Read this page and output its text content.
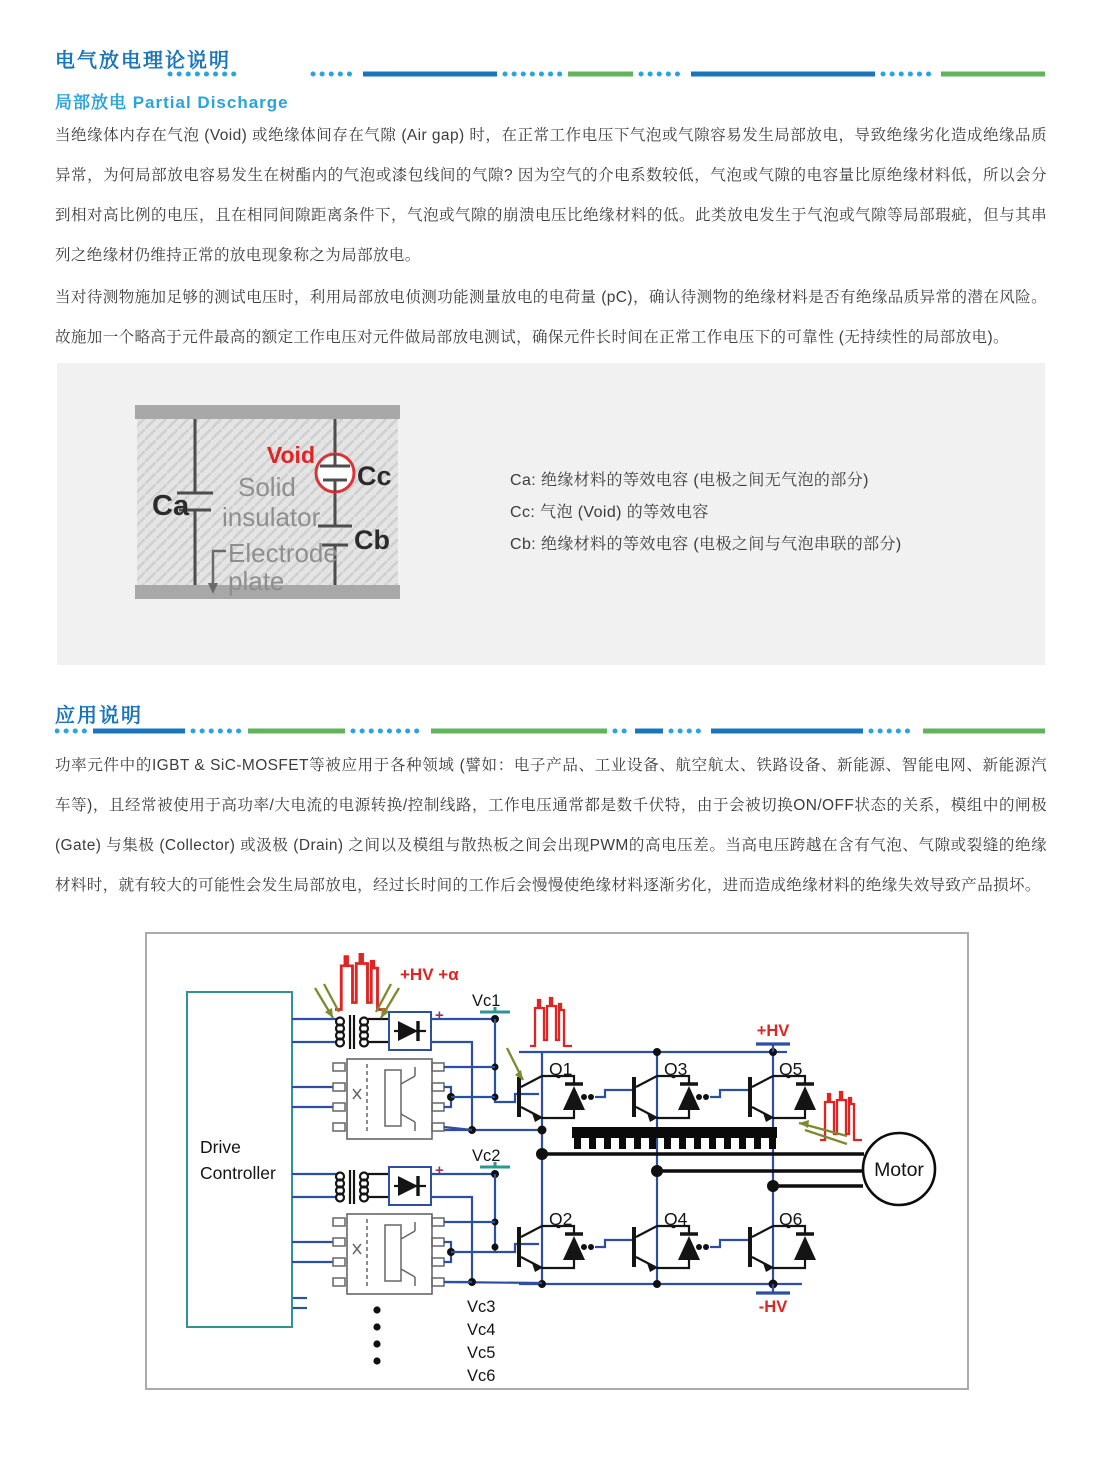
电气放电理论说明
局部放电 Partial Discharge

当绝缘体内存在气泡 (Void) 或绝缘体间存在气隙 (Air gap) 时，在正常工作电压下气泡或气隙容易发生局部放电，导致绝缘劣化造成绝缘品质异常，为何局部放电容易发生在树酯内的气泡或漆包线间的气隙? 因为空气的介电系数较低，气泡或气隙的电容量比原绝缘材料低，所以会分到相对高比例的电压，且在相同间隙距离条件下，气泡或气隙的崩溃电压比绝缘材料的低。此类放电发生于气泡或气隙等局部瑕疵，但与其串列之绝缘材仍维持正常的放电现象称之为局部放电。

当对待测物施加足够的测试电压时，利用局部放电侦测功能测量放电的电荷量 (pC)，确认待测物的绝缘材料是否有绝缘品质异常的潜在风险。故施加一个略高于元件最高的额定工作电压对元件做局部放电测试，确保元件长时间在正常工作电压下的可靠性 (无持续性的局部放电)。

Void
Ca
Cc
Cb
Solid
insulator
Electrode
plate
Ca: 绝缘材料的等效电容 (电极之间无气泡的部分)
Cc: 气泡 (Void) 的等效电容
Cb: 绝缘材料的等效电容 (电极之间与气泡串联的部分)
应用说明

功率元件中的IGBT & SiC-MOSFET等被应用于各种领域 (譬如：电子产品、工业设备、航空航太、铁路设备、新能源、智能电网、新能源汽车等)，且经常被使用于高功率/大电流的电源转换/控制线路，工作电压通常都是数千伏特，由于会被切换ON/OFF状态的关系，模组中的闸极 (Gate) 与集极 (Collector) 或汲极 (Drain) 之间以及模组与散热板之间会出现PWM的高电压差。当高电压跨越在含有气泡、气隙或裂缝的绝缘材料时，就有较大的可能性会发生局部放电，经过长时间的工作后会慢慢使绝缘材料逐渐劣化，进而造成绝缘材料的绝缘失效导致产品损坏。

+HV
-HV
Drive
Controller
+
Vc1
+
Vc2
Q1	Q3	Q5
Q2	Q4	Q6
Motor
+HV +α
Vc3
Vc4
Vc5
Vc6
